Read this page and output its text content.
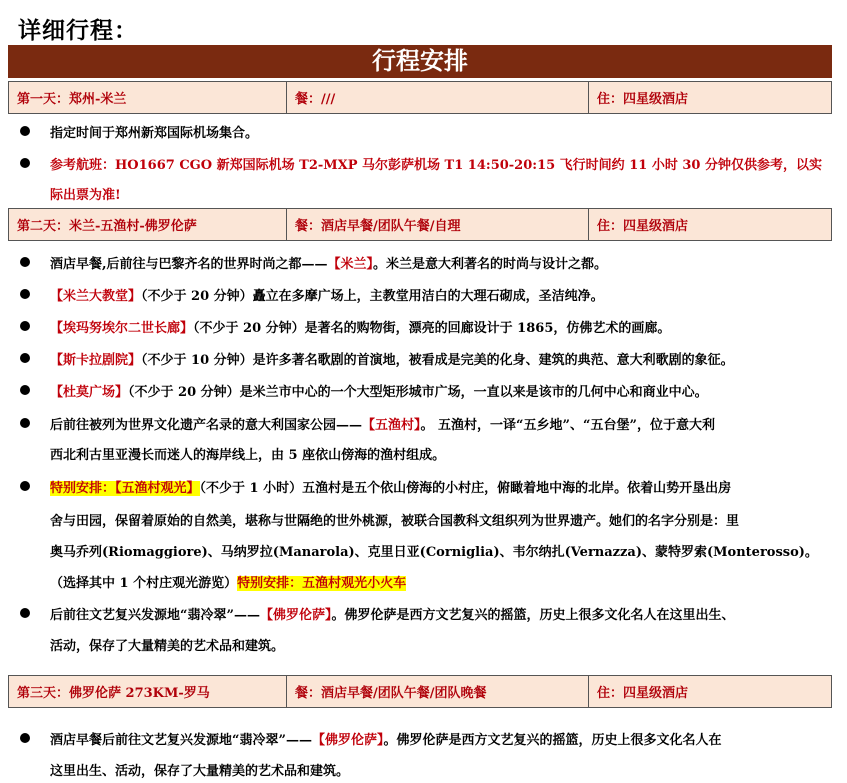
详细行程：
行程安排
第一天：郑州-米兰	餐：///	住：四星级酒店
指定时间于郑州新郑国际机场集合。
参考航班：HO1667 CGO 新郑国际机场 T2-MXP 马尔彭萨机场 T1 14:50-20:15 飞行时间约 11 小时 30 分钟仅供参考，以实
际出票为准!
第二天：米兰-五渔村-佛罗伦萨	餐：酒店早餐/团队午餐/自理	住：四星级酒店
酒店早餐,后前往与巴黎齐名的世界时尚之都——【米兰】。米兰是意大利著名的时尚与设计之都。
【米兰大教堂】（不少于 20 分钟）矗立在多摩广场上，主教堂用洁白的大理石砌成，圣洁纯净。
【埃玛努埃尔二世长廊】（不少于 20 分钟）是著名的购物街，漂亮的回廊设计于 1865，仿佛艺术的画廊。
【斯卡拉剧院】（不少于 10 分钟）是许多著名歌剧的首演地，被看成是完美的化身、建筑的典范、意大利歌剧的象征。
【杜莫广场】（不少于 20 分钟）是米兰市中心的一个大型矩形城市广场，一直以来是该市的几何中心和商业中心。
后前往被列为世界文化遗产名录的意大利国家公园——【五渔村】。 五渔村，一译“五乡地”、“五台堡”，位于意大利
西北利古里亚漫长而迷人的海岸线上，由 5 座依山傍海的渔村组成。
特别安排：【五渔村观光】（不少于 1 小时）五渔村是五个依山傍海的小村庄，俯瞰着地中海的北岸。依着山势开垦出房
舍与田园，保留着原始的自然美，堪称与世隔绝的世外桃源，被联合国教科文组织列为世界遗产。她们的名字分别是：里
奥马乔列(Riomaggiore)、马纳罗拉(Manarola)、克里日亚(Corniglia)、韦尔纳扎(Vernazza)、蒙特罗索(Monterosso)。
（选择其中 1 个村庄观光游览）特别安排：五渔村观光小火车
后前往文艺复兴发源地“翡冷翠”——【佛罗伦萨】。佛罗伦萨是西方文艺复兴的摇篮，历史上很多文化名人在这里出生、
活动，保存了大量精美的艺术品和建筑。
第三天：佛罗伦萨 273KM-罗马	餐：酒店早餐/团队午餐/团队晚餐	住：四星级酒店
酒店早餐后前往文艺复兴发源地“翡冷翠”——【佛罗伦萨】。佛罗伦萨是西方文艺复兴的摇篮，历史上很多文化名人在
这里出生、活动，保存了大量精美的艺术品和建筑。
